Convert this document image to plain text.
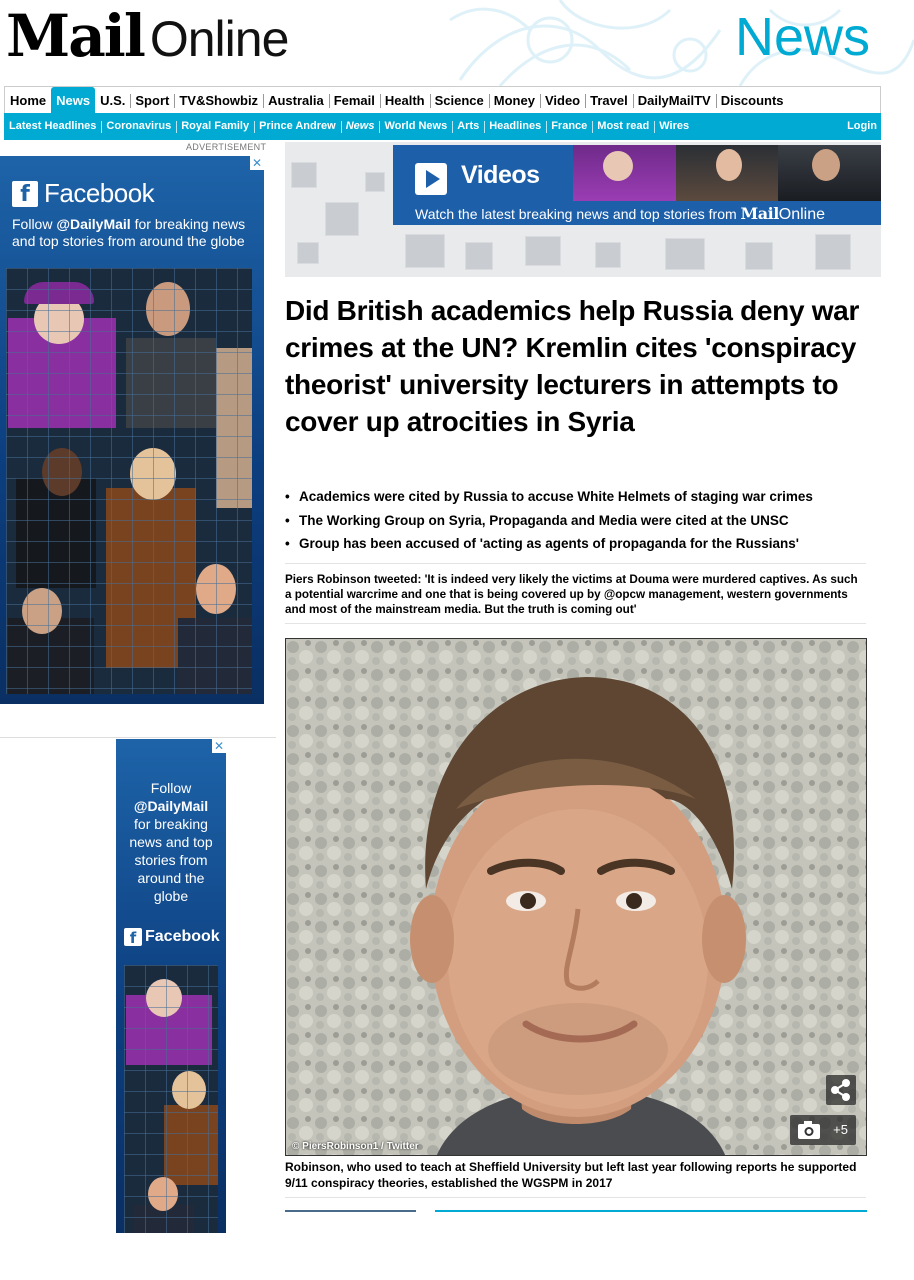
Mail Online	News
Home News U.S. Sport TV&Showbiz Australia Femail Health Science Money Video Travel DailyMailTV Discounts
Latest Headlines Coronavirus Royal Family Prince Andrew News World News Arts Headlines France Most read Wires	Login
ADVERTISEMENT
✕
f Facebook
Follow @DailyMail for breaking news and top stories from around the globe
✕
Follow
@DailyMail
for breaking news and top stories from around the globe
f Facebook
Videos
Watch the latest breaking news and top stories from MailOnline
Did British academics help Russia deny war crimes at the UN? Kremlin cites 'conspiracy theorist' university lecturers in attempts to cover up atrocities in Syria
• Academics were cited by Russia to accuse White Helmets of staging war crimes
• The Working Group on Syria, Propaganda and Media were cited at the UNSC
• Group has been accused of 'acting as agents of propaganda for the Russians'
Piers Robinson tweeted: 'It is indeed very likely the victims at Douma were murdered captives. As such a potential warcrime and one that is being covered up by @opcw management, western governments and most of the mainstream media. But the truth is coming out'
© PiersRobinson1 / Twitter
+5
Robinson, who used to teach at Sheffield University but left last year following reports he supported 9/11 conspiracy theories, established the WGSPM in 2017
